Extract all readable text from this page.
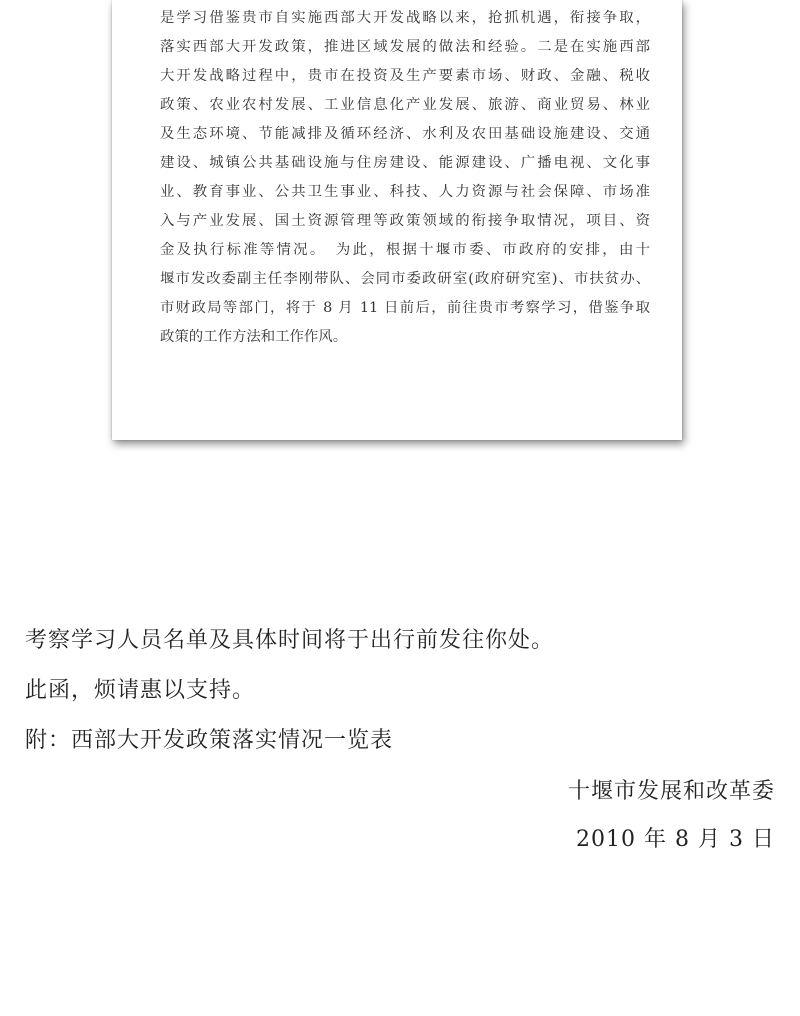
是学习借鉴贵市自实施西部大开发战略以来，抢抓机遇，衔接争取，
落实西部大开发政策，推进区域发展的做法和经验。二是在实施西部
大开发战略过程中，贵市在投资及生产要素市场、财政、金融、税收
政策、农业农村发展、工业信息化产业发展、旅游、商业贸易、林业
及生态环境、节能减排及循环经济、水利及农田基础设施建设、交通
建设、城镇公共基础设施与住房建设、能源建设、广播电视、文化事
业、教育事业、公共卫生事业、科技、人力资源与社会保障、市场准
入与产业发展、国土资源管理等政策领域的衔接争取情况，项目、资
金及执行标准等情况。　为此，根据十堰市委、市政府的安排，由十
堰市发改委副主任李刚带队、会同市委政研室(政府研究室)、市扶贫办、
市财政局等部门，将于 8 月 11 日前后，前往贵市考察学习，借鉴争取
政策的工作方法和工作作风。
考察学习人员名单及具体时间将于出行前发往你处。
此函，烦请惠以支持。
附：西部大开发政策落实情况一览表
十堰市发展和改革委
2010 年 8 月 3 日
